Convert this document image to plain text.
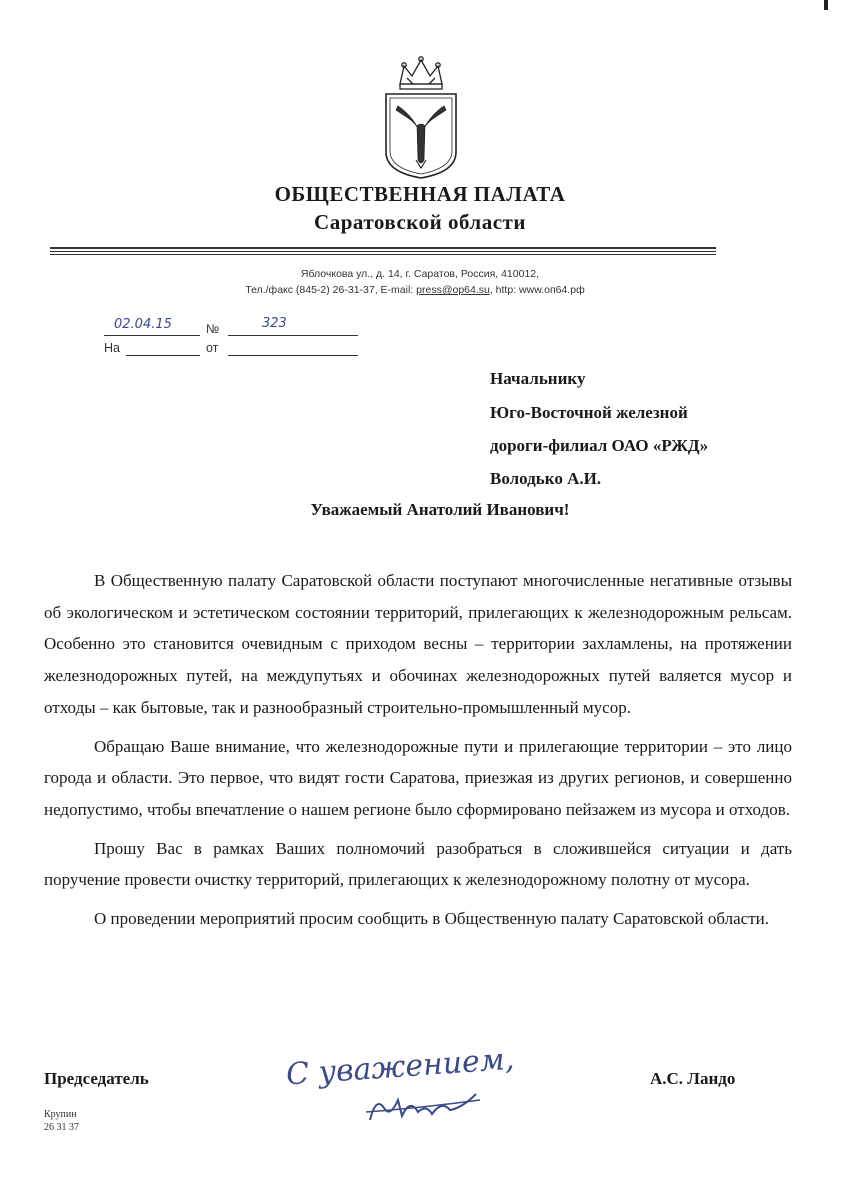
ОБЩЕСТВЕННАЯ ПАЛАТА
Саратовской области
Яблочкова ул., д. 14, г. Саратов, Россия, 410012,
Тел./факс (845-2) 26-31-37, E-mail: press@op64.su, http: www.оп64.рф
02.04.15	№	323
На	от
Начальнику
Юго-Восточной железной
дороги-филиал ОАО «РЖД»
Володько А.И.
Уважаемый Анатолий Иванович!

В Общественную палату Саратовской области поступают многочисленные негативные отзывы об экологическом и эстетическом состоянии территорий, прилегающих к железнодорожным рельсам. Особенно это становится очевидным с приходом весны – территории захламлены, на протяжении железнодорожных путей, на междупутьях и обочинах железнодорожных путей валяется мусор и отходы – как бытовые, так и разнообразный строительно-промышленный мусор.

Обращаю Ваше внимание, что железнодорожные пути и прилегающие территории – это лицо города и области. Это первое, что видят гости Саратова, приезжая из других регионов, и совершенно недопустимо, чтобы впечатление о нашем регионе было сформировано пейзажем из мусора и отходов.

Прошу Вас в рамках Ваших полномочий разобраться в сложившейся ситуации и дать поручение провести очистку территорий, прилегающих к железнодорожному полотну от мусора.

О проведении мероприятий просим сообщить в Общественную палату Саратовской области.

Председатель	С уважением,	А.С. Ландо
Крупин
26 31 37
